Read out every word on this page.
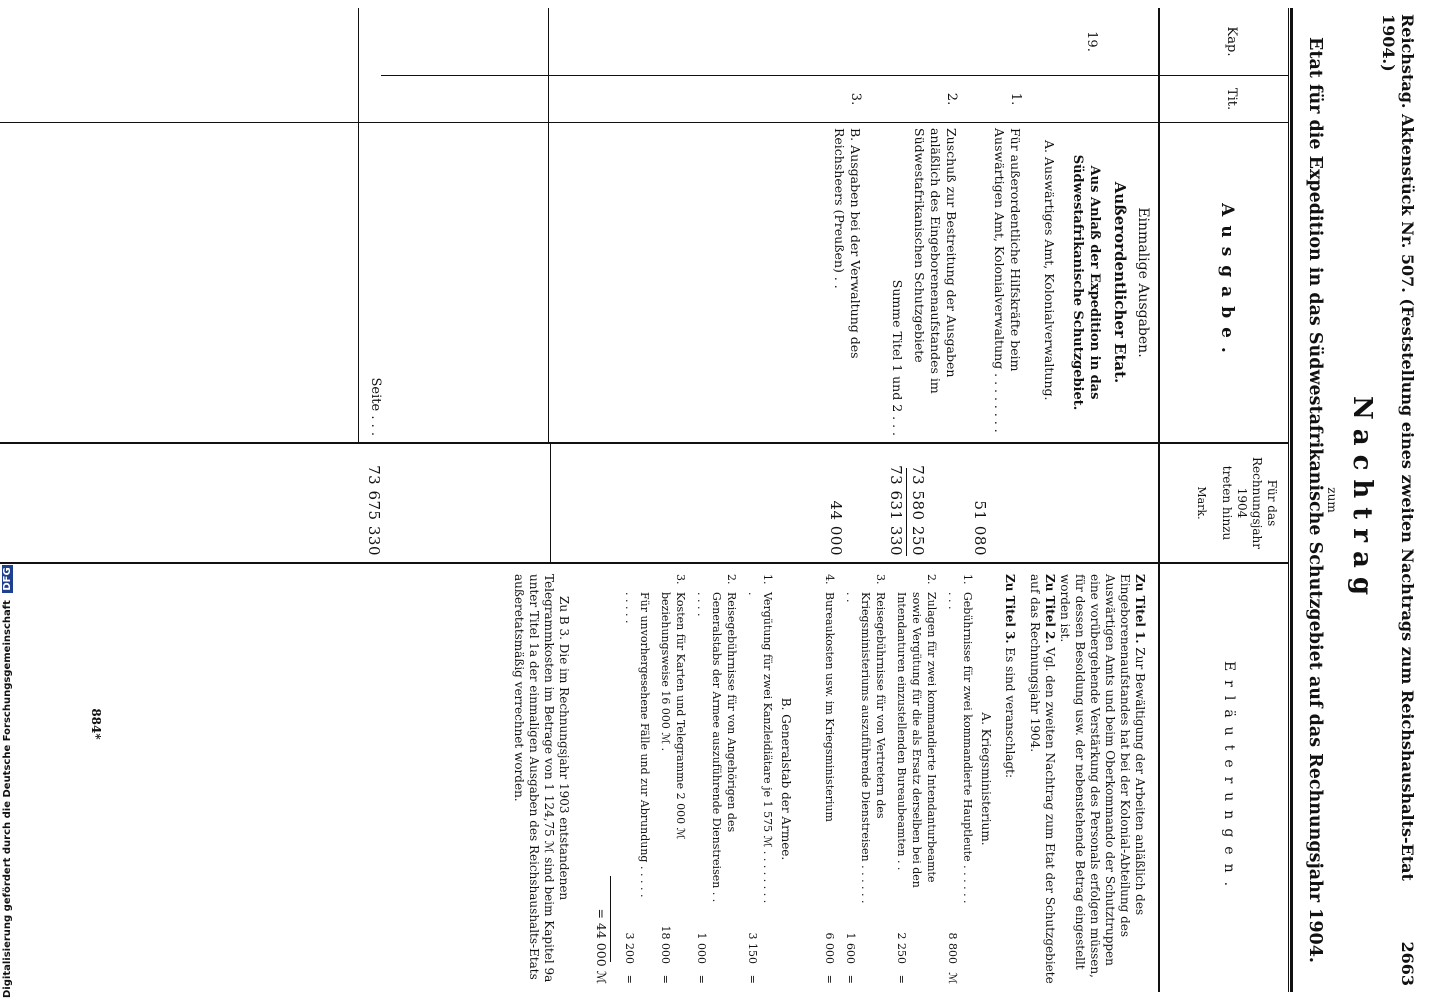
Reichstag. Aktenstück Nr. 507. (Feststellung eines zweiten Nachtrags zum Reichshaushalts-Etat 1904.)
2663
Nachtrag
zum
Etat für die Expedition in das Südwestafrikanische Schutzgebiet auf das Rechnungsjahr 1904.
Kap.
Tit.
Ausgabe.
Für das
Rechnungsjahr
1904
treten hinzu
Mark.
Erläuterungen.
Einmalige Ausgaben.
Außerordentlicher Etat.
Aus Anlaß der Expedition in das Südwestafrikanische Schutzgebiet.
19.
A. Auswärtiges Amt, Kolonialverwaltung.
1.
Für außerordentliche Hilfskräfte beim Auswärtigen Amt, Kolonialverwaltung . . . . . . . .
51 080
2.
Zuschuß zur Bestreitung der Ausgaben anläßlich des Eingeborenenaufstandes im Südwestafrikanischen Schutzgebiete
73 580 250
Summe Titel 1 und 2 . . .
73 631 330
3.
B. Ausgaben bei der Verwaltung des Reichsheers (Preußen) . .
44 000
Seite . . .
73 675 330
Zu Titel 1. Zur Bewältigung der Arbeiten anläßlich des Eingeborenenaufstandes hat bei der Kolonial-Abteilung des Auswärtigen Amts und beim Oberkommando der Schutztruppen eine vorübergehende Verstärkung des Personals erfolgen müssen, für dessen Besoldung usw. der nebenstehende Betrag eingestellt worden ist.
Zu Titel 2. Vgl. den zweiten Nachtrag zum Etat der Schutzgebiete auf das Rechnungsjahr 1904.
Zu Titel 3. Es sind veranschlagt:
A. Kriegsministerium.
1.
Gebührnisse für zwei kommandierte Hauptleute . . . . . . . . .
8 800
ℳ
2.
Zulagen für zwei kommandierte Intendanturbeamte sowie Vergütung für die als Ersatz derselben bei den Intendanturen einzustellenden Bureaubeamten . .
2 250
=
3.
Reisegebührnisse für von Vertretern des Kriegsministeriums auszuführende Dienstreisen . . . . . . . .
1 600
=
4.
Bureaukosten usw. im Kriegsministerium
6 000
=
B. Generalstab der Armee.
1.
Vergütung für zwei Kanzleidiätare je 1 575 ℳ . . . . . . . . .
3 150
=
2.
Reisegebührnisse für von Angehörigen des Generalstabs der Armee auszuführende Dienstreisen . . . . . .
1 000
=
3.
Kosten für Karten und Telegramme 2 000 ℳ beziehungsweise 16 000 ℳ .
18 000
=
Für unvorhergesehene Fälle und zur Abrundung . . . . . . . . . .
3 200
=
= 44 000 ℳ
Zu B 3. Die im Rechnungsjahr 1903 entstandenen Telegrammkosten im Betrage von 1 124,75 ℳ sind beim Kapitel 9a unter Titel 1a der einmaligen Ausgaben des Reichshaushalts-Etats außeretatsmäßig verrechnet worden.
884*
Digitalisierung gefördert durch die Deutsche Forschungsgemeinschaft DFG
